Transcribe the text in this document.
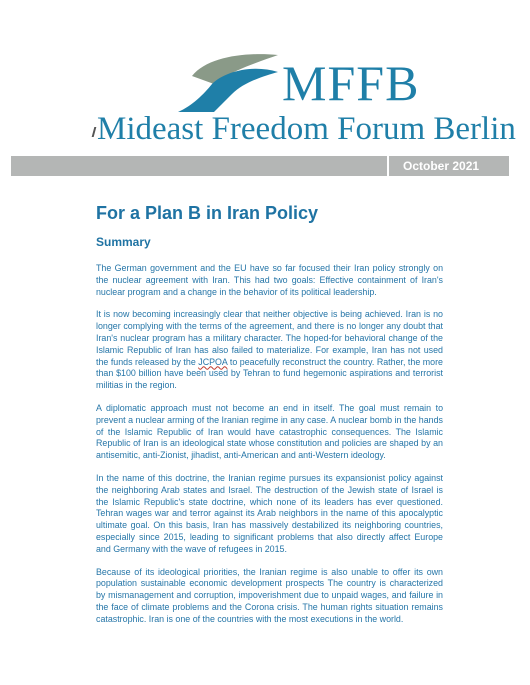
MFFB
Mideast Freedom Forum Berlin
October 2021
For a Plan B in Iran Policy
Summary

The German government and the EU have so far focused their Iran policy strongly on the nuclear agreement with Iran. This had two goals: Effective containment of Iran's nuclear program and a change in the behavior of its political leadership.

It is now becoming increasingly clear that neither objective is being achieved. Iran is no longer complying with the terms of the agreement, and there is no longer any doubt that Iran's nuclear program has a military character. The hoped-for behavioral change of the Islamic Republic of Iran has also failed to materialize. For example, Iran has not used the funds released by the JCPOA to peacefully reconstruct the country. Rather, the more than $100 billion have been used by Tehran to fund hegemonic aspirations and terrorist militias in the region.

A diplomatic approach must not become an end in itself. The goal must remain to prevent a nuclear arming of the Iranian regime in any case. A nuclear bomb in the hands of the Islamic Republic of Iran would have catastrophic consequences. The Islamic Republic of Iran is an ideological state whose constitution and policies are shaped by an antisemitic, anti-Zionist, jihadist, anti-American and anti-Western ideology.

In the name of this doctrine, the Iranian regime pursues its expansionist policy against the neighboring Arab states and Israel. The destruction of the Jewish state of Israel is the Islamic Republic's state doctrine, which none of its leaders has ever questioned. Tehran wages war and terror against its Arab neighbors in the name of this apocalyptic ultimate goal. On this basis, Iran has massively destabilized its neighboring countries, especially since 2015, leading to significant problems that also directly affect Europe and Germany with the wave of refugees in 2015.

Because of its ideological priorities, the Iranian regime is also unable to offer its own population sustainable economic development prospects The country is characterized by mismanagement and corruption, impoverishment due to unpaid wages, and failure in the face of climate problems and the Corona crisis. The human rights situation remains catastrophic. Iran is one of the countries with the most executions in the world.
